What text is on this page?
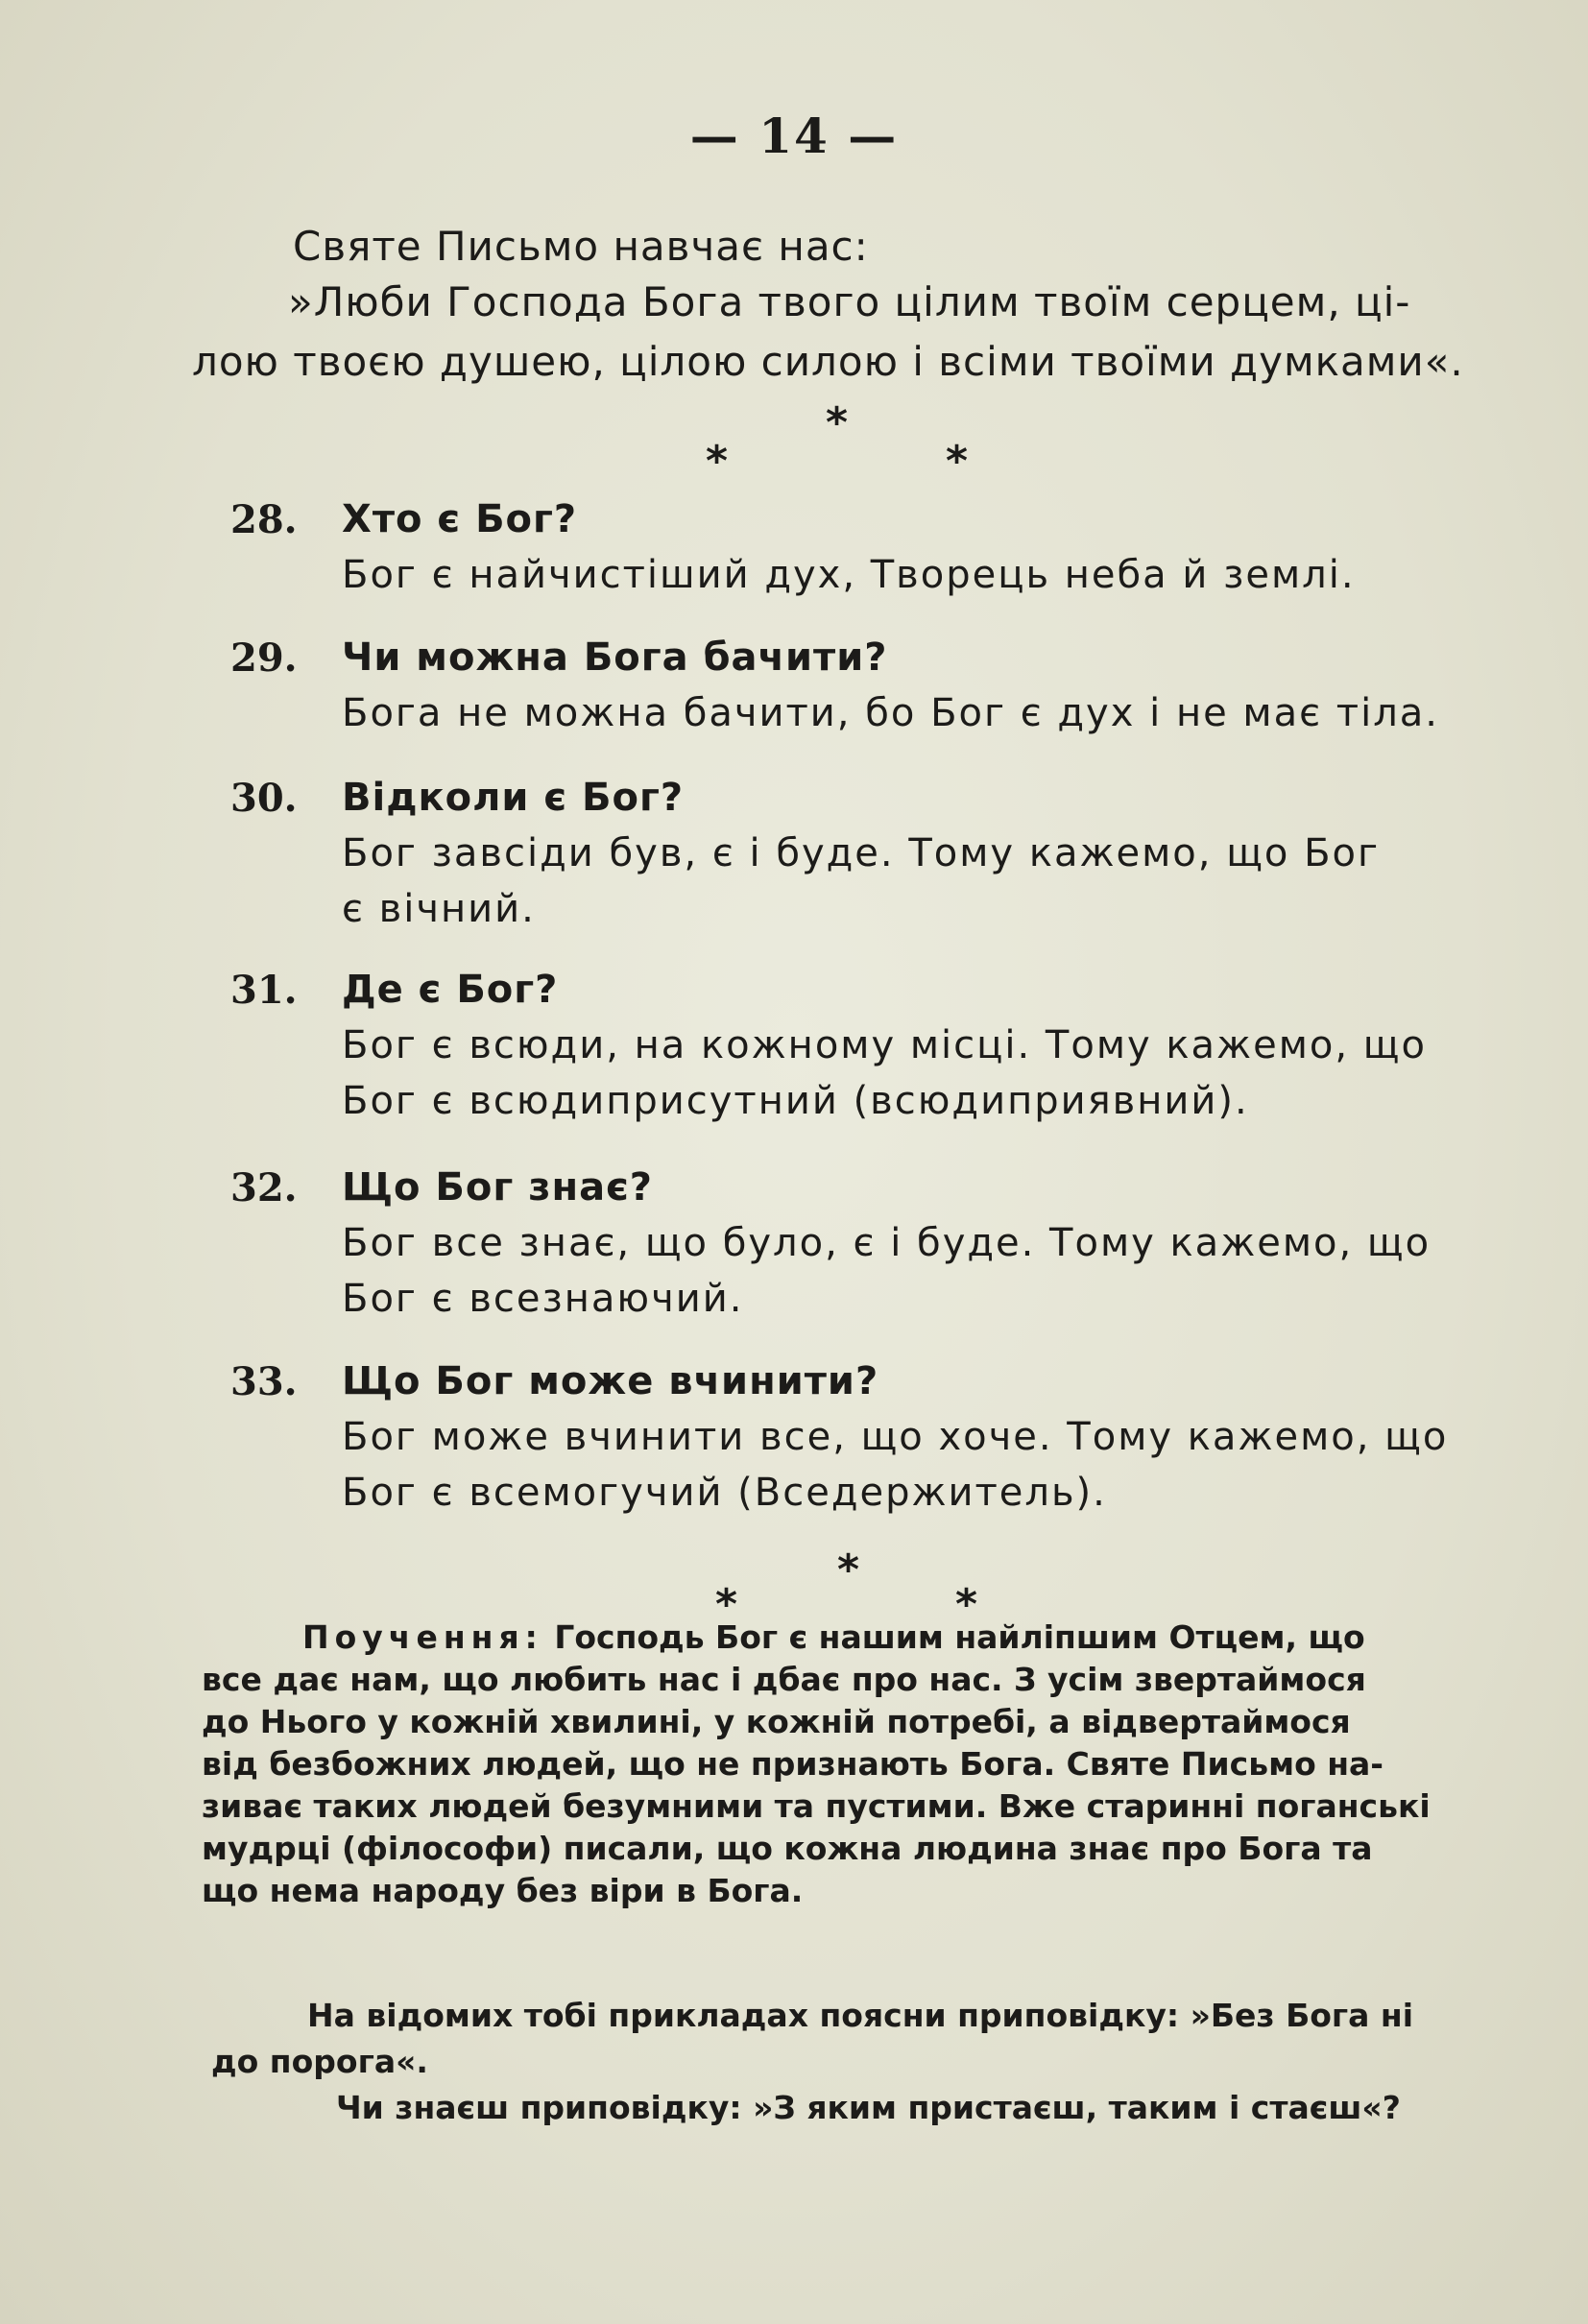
— 14 —
Святе Письмо навчає нас:
»Люби Господа Бога твого цілим твоїм серцем, ці-
лою твоєю душею, цілою силою і всіми твоїми думками«.
*
*	*
28. Хто є Бог?
Бог є найчистіший дух, Творець неба й землі.
29. Чи можна Бога бачити?
Бога не можна бачити, бо Бог є дух і не має тіла.
30. Відколи є Бог?
Бог завсіди був, є і буде. Тому кажемо, що Бог
є вічний.
31. Де є Бог?
Бог є всюди, на кожному місці. Тому кажемо, що
Бог є всюдиприсутний (всюдиприявний).
32. Що Бог знає?
Бог все знає, що було, є і буде. Тому кажемо, що
Бог є всезнаючий.
33. Що Бог може вчинити?
Бог може вчинити все, що хоче. Тому кажемо, що
Бог є всемогучий (Вседержитель).
*
*	*
Поучення: Господь Бог є нашим найліпшим Отцем, що
все дає нам, що любить нас і дбає про нас. З усім звертаймося
до Нього у кожній хвилині, у кожній потребі, а відвертаймося
від безбожних людей, що не признають Бога. Святе Письмо на-
зиває таких людей безумними та пустими. Вже старинні поганські
мудрці (філософи) писали, що кожна людина знає про Бога та
що нема народу без віри в Бога.
На відомих тобі прикладах поясни приповідку: »Без Бога ні
до порога«.
Чи знаєш приповідку: »З яким пристаєш, таким і стаєш«?
